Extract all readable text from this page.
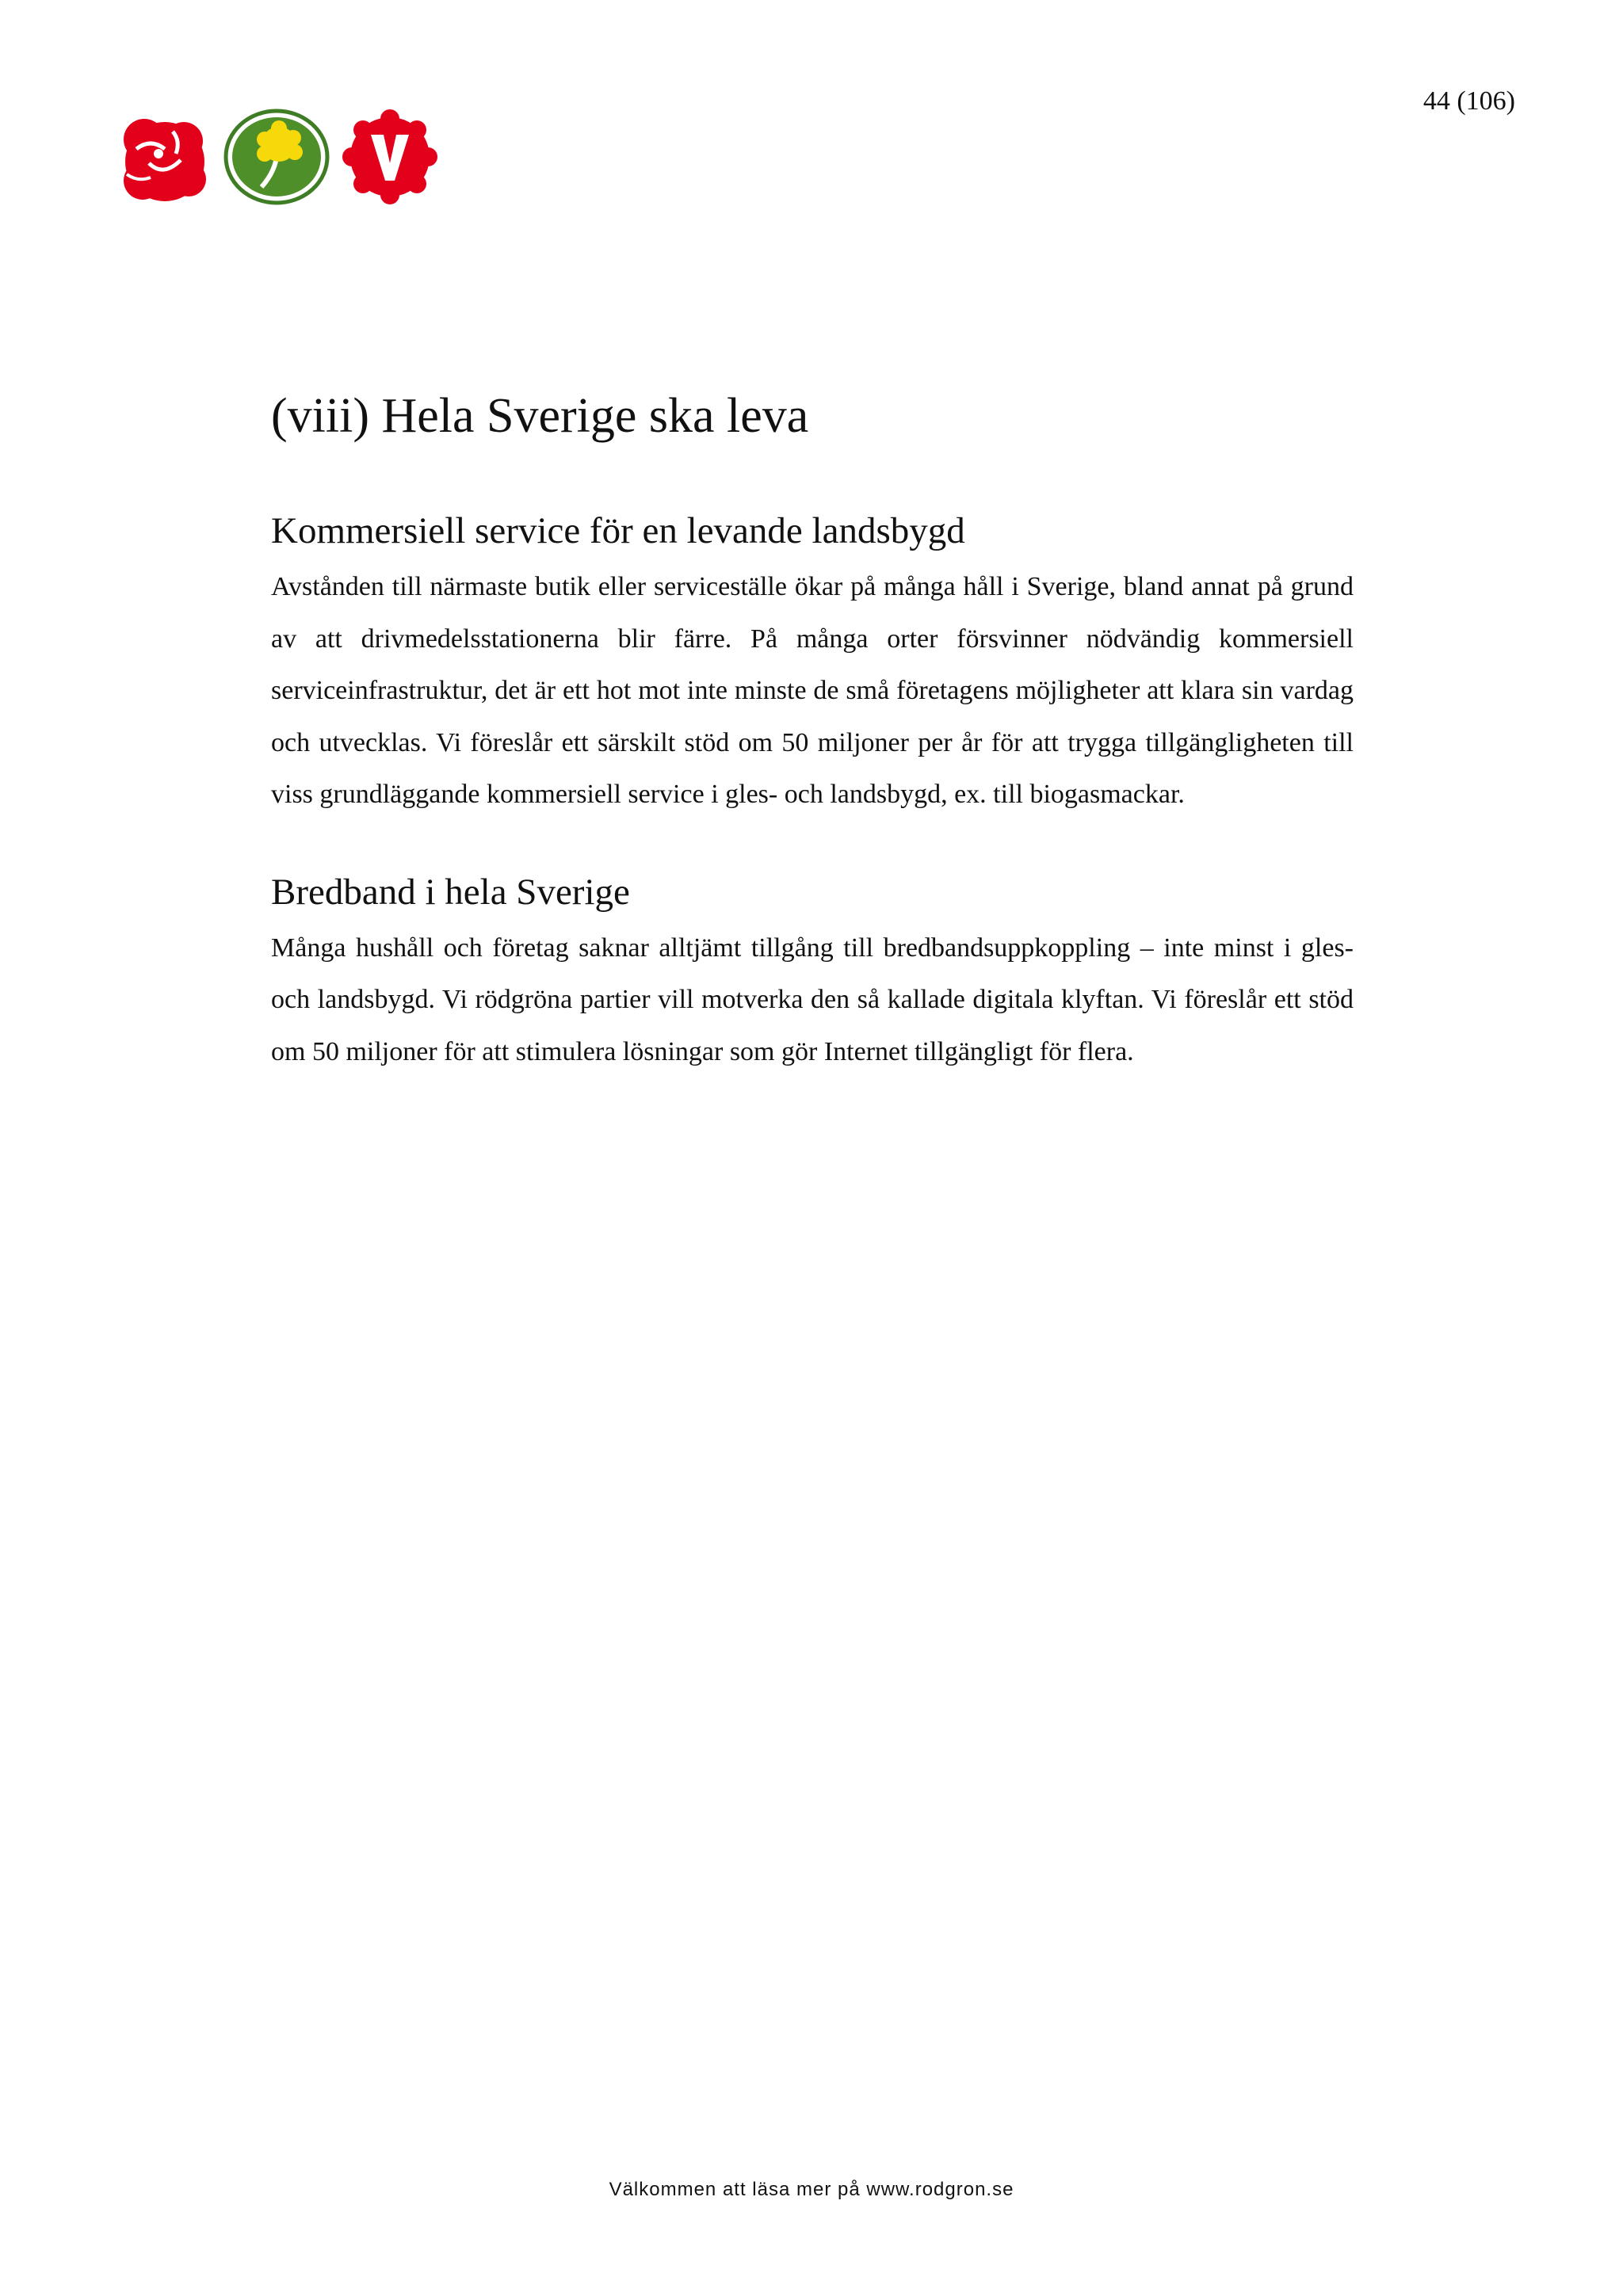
44 (106)
(viii) Hela Sverige ska leva
Kommersiell service för en levande landsbygd

Avstånden till närmaste butik eller serviceställe ökar på många håll i Sverige, bland annat på grund av att drivmedelsstationerna blir färre. På många orter försvinner nödvändig kommersiell serviceinfrastruktur, det är ett hot mot inte minste de små företagens möjligheter att klara sin vardag och utvecklas. Vi föreslår ett särskilt stöd om 50 miljoner per år för att trygga tillgängligheten till viss grundläggande kommersiell service i gles- och landsbygd, ex. till biogasmackar.

Bredband i hela Sverige

Många hushåll och företag saknar alltjämt tillgång till bredbandsuppkoppling – inte minst i gles- och landsbygd. Vi rödgröna partier vill motverka den så kallade digitala klyftan. Vi föreslår ett stöd om 50 miljoner för att stimulera lösningar som gör Internet tillgängligt för flera.

Välkommen att läsa mer på www.rodgron.se
